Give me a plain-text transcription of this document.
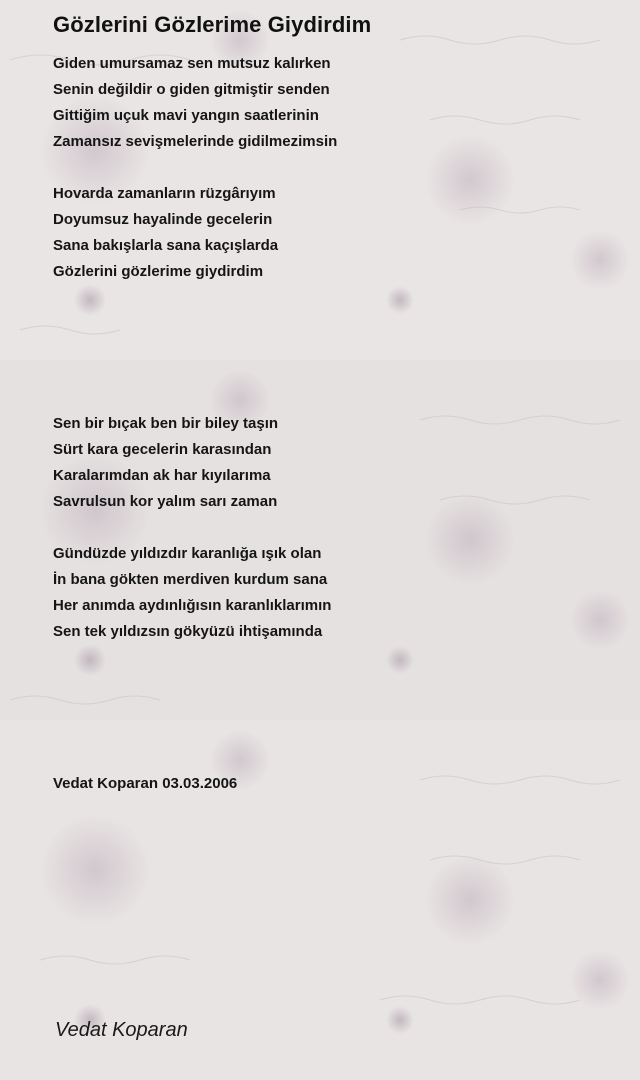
Gözlerini Gözlerime Giydirdim
Giden umursamaz sen mutsuz kalırken
Senin değildir o giden gitmiştir senden
Gittiğim uçuk mavi yangın saatlerinin
Zamansız sevişmelerinde gidilmezimsin
Hovarda zamanların rüzgârıyım
Doyumsuz hayalinde gecelerin
Sana bakışlarla sana kaçışlarda
Gözlerini gözlerime giydirdim
Sen bir bıçak ben bir biley taşın
Sürt kara gecelerin karasından
Karalarımdan ak har kıyılarıma
Savrulsun kor yalım sarı zaman
Gündüzde yıldızdır karanlığa ışık olan
İn bana gökten merdiven kurdum sana
Her anımda aydınlığısın karanlıklarımın
Sen tek yıldızsın gökyüzü ihtişamında
Vedat Koparan 03.03.2006
Vedat Koparan
